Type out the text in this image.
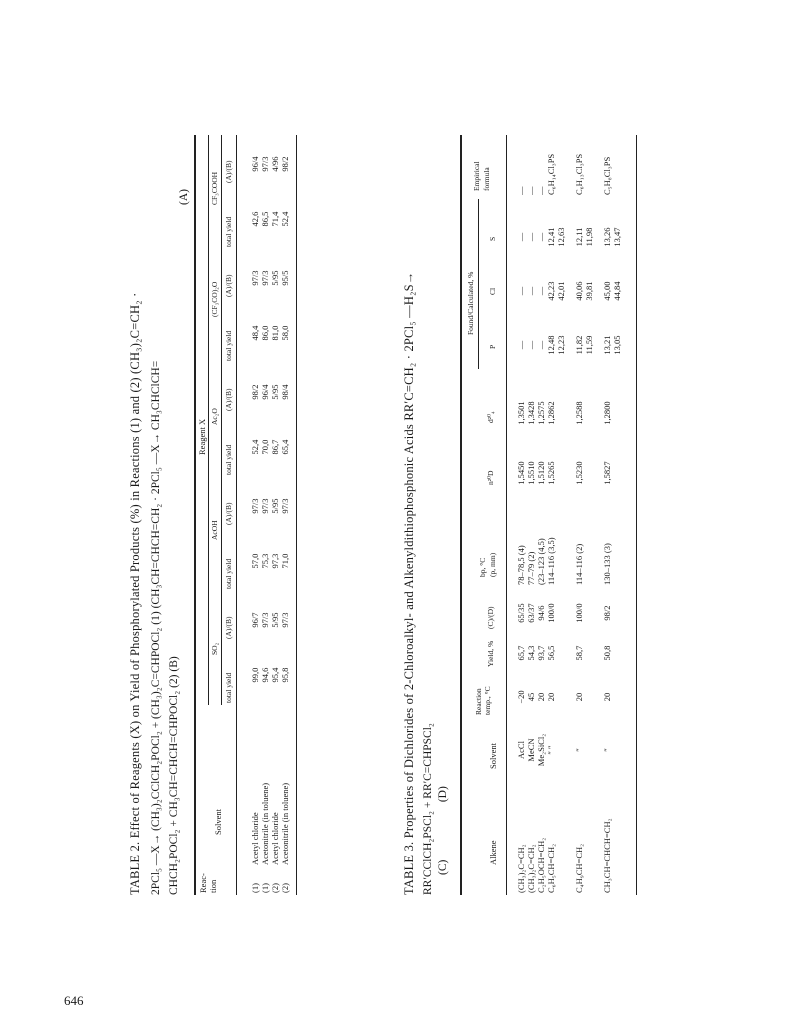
646
TABLE 2. Effect of Reagents (X) on Yield of Phosphorylated Products (%) in Reactions (1) and (2) (CH₃)₂C=CH₂ · 2PCl₅ —X→ (CH₃)₂CClCH₂POCl₂ + (CH₃)₂C=CHPOCl₂ (1) (CH₃CH=CHCH=CH₂ · 2PCl₅ —X→ CH₃CHClCH= CHCH₂POCl₂ + CH₃CH=CHCH=CHPOCl₂ (2) (B)
(A)
Reac-
tion
Solvent
Reagent X
SO₂
AcOH
Ac₂O
(CF₃CO)₂O
CF₃COOH
total yield
(A)/(B)
total yield
(A)/(B)
total yield
(A)/(B)
total yield
(A)/(B)
total yield
(A)/(B)
(1) (1) (2) (2)
Acetyl chloride Acetonitrile (in toluene) Acetyl chloride Acetonitrile (in toluene)
99,0 94,6 95,4 95,8
96/7 97/3 5/95 97/3
57,0 75,3 97,3 71,0
97/3 97/3 5/95 97/3
52,4 70,0 86,7 65,4
98/2 96/4 5/95 98/4
48,4 86,0 81,0 58,0
97/3 97/3 5/95 95/5
42,6 86,5 71,4 52,4
96/4 97/3 4/96 98/2
TABLE 3. Properties of Dichlorides of 2-Chloroalkyl- and Alkenyldithiophosphonic Acids RR′C=CH₂ · 2PCl₅ —H₂S→ RR′CClCH₂PSCl₂ + RR′C=CHPSCl₂ (C)                    (D)	Alkene
Solvent
Reaction
temp., °C
Yield, %
(C)/(D)
bp, °C
(p, mm)
n²⁰D
d²⁰₄
Found/Calculated, %
P
Cl
S
Empirical
formula
(CH₃)₂C=CH₂ (CH₃)₂C=CH₂ C₂H₅OCH=CH₂ C₆H₅CH=CH₂ C₄H₉CH=CH₂ CH₃CH=CHCH=CH₂
AcCl MeCN Me₂SiCl₂ ″ ″ ″ ″
−20 45 20 20 20 20
65,7 54,3 93,7 56,5 58,7 50,8
65/35 63/37 94/6 100/0 100/0 98/2
78–78,5 (4) 77–79 (2) (23–123 (4,5) 114–116 (3,5) 114–116 (2) 130–133 (3)
1,5450 1,5510 1,5120 1,5265 1,5230 1,5827
1,3501 1,3428 1,2575 1,2862 1,2588 1,2800
— — — 12,48 12,23 11,82 11,59 13,21 13,05
— — — 42,23 42,01 40,06 39,81 45,00 44,84
— — — 12,41 12,63 12,11 11,98 13,26 13,47
— — — C₆H₁₄Cl₃PS C₆H₁₃Cl₃PS C₅H₈Cl₃PS
